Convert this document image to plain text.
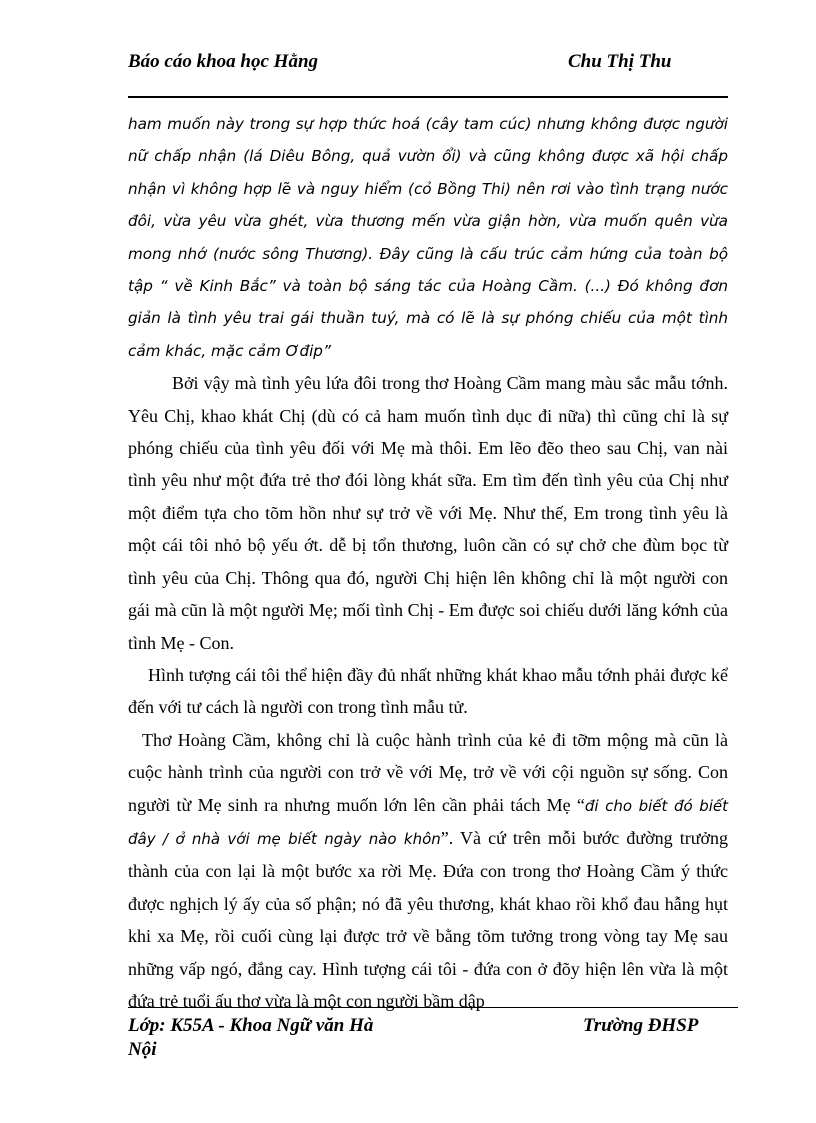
Báo cáo khoa học Hằng	Chu Thị Thu

ham muốn này trong sự hợp thức hoá (cây tam cúc) nhưng không được người nữ chấp nhận (lá Diêu Bông, quả vườn ổi) và cũng không được xã hội chấp nhận vì không hợp lẽ và nguy hiểm (cỏ Bồng Thi) nên rơi vào tình trạng nước đôi, vừa yêu vừa ghét, vừa thương mến vừa giận hờn, vừa muốn quên vừa mong nhớ (nước sông Thương). Đây cũng là cấu trúc cảm hứng của toàn bộ tập “ về Kinh Bắc” và toàn bộ sáng tác của Hoàng Cầm. (...) Đó không đơn giản là tình yêu trai gái thuần tuý, mà có lẽ là sự phóng chiếu của một tình cảm khác, mặc cảm Ơđip”

Bởi vậy mà tình yêu lứa đôi trong thơ Hoàng Cầm mang màu sắc mẫu tớnh. Yêu Chị, khao khát Chị (dù có cả ham muốn tình dục đi nữa) thì cũng chỉ là sự phóng chiếu của tình yêu đối với Mẹ mà thôi. Em lẽo đẽo theo sau Chị, van nài tình yêu như một đứa trẻ thơ đói lòng khát sữa. Em tìm đến tình yêu của Chị như một điểm tựa cho tõm hồn như sự trở về với Mẹ. Như thế, Em trong tình yêu là một cái tôi nhỏ bộ yếu ớt. dễ bị tổn thương, luôn cần có sự chở che đùm bọc từ tình yêu của Chị. Thông qua đó, người Chị hiện lên không chỉ là một người con gái mà cũn là một người Mẹ; mối tình Chị - Em được soi chiếu dưới lăng kớnh của tình Mẹ - Con.

Hình tượng cái tôi thể hiện đầy đủ nhất những khát khao mẫu tớnh phải được kể đến với tư cách là người con trong tình mẫu tử.

Thơ Hoàng Cầm, không chỉ là cuộc hành trình của kẻ đi tỡm mộng mà cũn là cuộc hành trình của người con trở về với Mẹ, trở về với cội nguồn sự sống. Con người từ Mẹ sinh ra nhưng muốn lớn lên cần phải tách Mẹ “đi cho biết đó biết đây / ở nhà với mẹ biết ngày nào khôn”. Và cứ trên mỗi bước đường trưởng thành của con lại là một bước xa rời Mẹ. Đứa con trong thơ Hoàng Cầm ý thức được nghịch lý ấy của số phận; nó đã yêu thương, khát khao rồi khổ đau hẫng hụt khi xa Mẹ, rồi cuối cùng lại được trở về bằng tõm tưởng trong vòng tay Mẹ sau những vấp ngó, đắng cay. Hình tượng cái tôi - đứa con ở đõy hiện lên vừa là một đứa trẻ tuổi ấu thơ vừa là một con người bầm dập

Lớp: K55A - Khoa Ngữ văn Hà Nội
Trường ĐHSP
